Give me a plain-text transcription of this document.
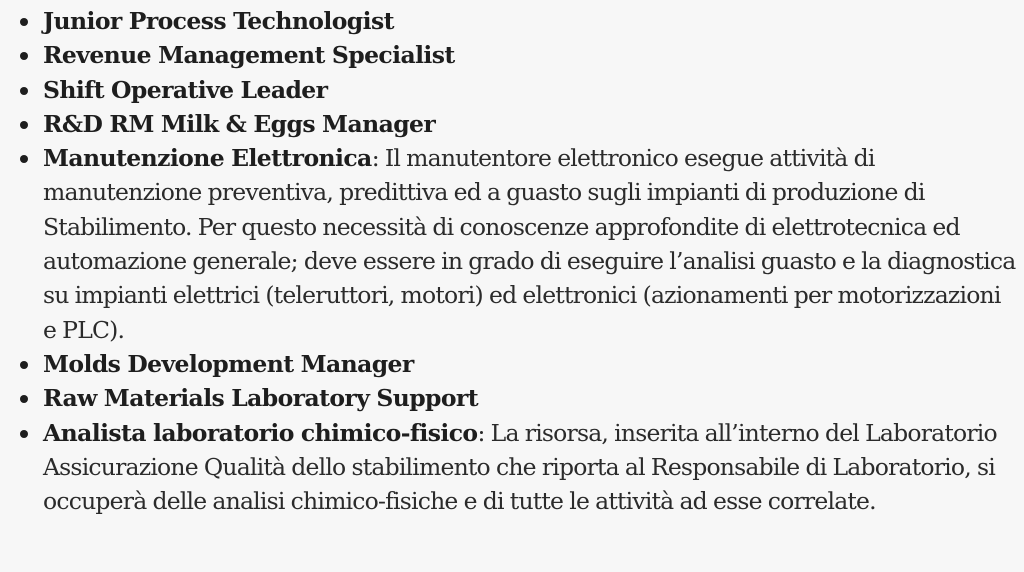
Junior Process Technologist
Revenue Management Specialist
Shift Operative Leader
R&D RM Milk & Eggs Manager
Manutenzione Elettronica: Il manutentore elettronico esegue attività di manutenzione preventiva, predittiva ed a guasto sugli impianti di produzione di Stabilimento. Per questo necessità di conoscenze approfondite di elettrotecnica ed automazione generale; deve essere in grado di eseguire l’analisi guasto e la diagnostica su impianti elettrici (teleruttori, motori) ed elettronici (azionamenti per motorizzazioni e PLC).
Molds Development Manager
Raw Materials Laboratory Support
Analista laboratorio chimico-fisico: La risorsa, inserita all’interno del Laboratorio Assicurazione Qualità dello stabilimento che riporta al Responsabile di Laboratorio, si occuperà delle analisi chimico-fisiche e di tutte le attività ad esse correlate.
